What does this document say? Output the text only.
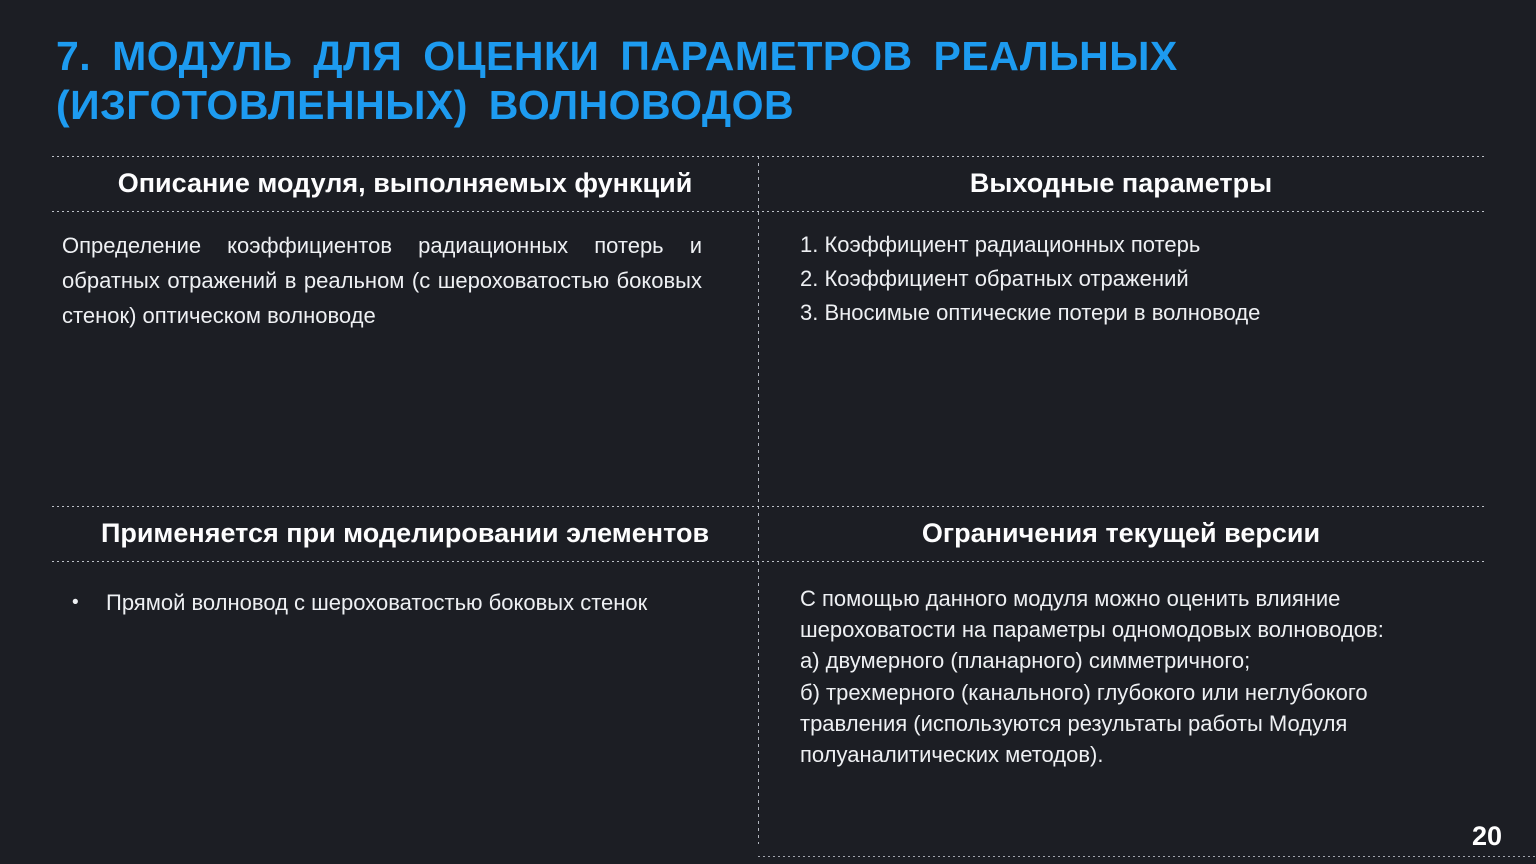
7. МОДУЛЬ ДЛЯ ОЦЕНКИ ПАРАМЕТРОВ РЕАЛЬНЫХ
(ИЗГОТОВЛЕННЫХ) ВОЛНОВОДОВ
Описание модуля, выполняемых функций	Выходные параметры
Определение коэффициентов радиационных потерь и обратных отражений в реальном (с шероховатостью боковых стенок) оптическом волноводе
1. Коэффициент радиационных потерь
2. Коэффициент обратных отражений
3. Вносимые оптические потери в волноводе
Применяется при моделировании элементов	Ограничения текущей версии
•	Прямой волновод с шероховатостью боковых стенок	С помощью данного модуля можно оценить влияние шероховатости на параметры одномодовых волноводов:
а) двумерного (планарного) симметричного;
б) трехмерного (канального) глубокого или неглубокого травления (используются результаты работы Модуля полуаналитических методов).
20
